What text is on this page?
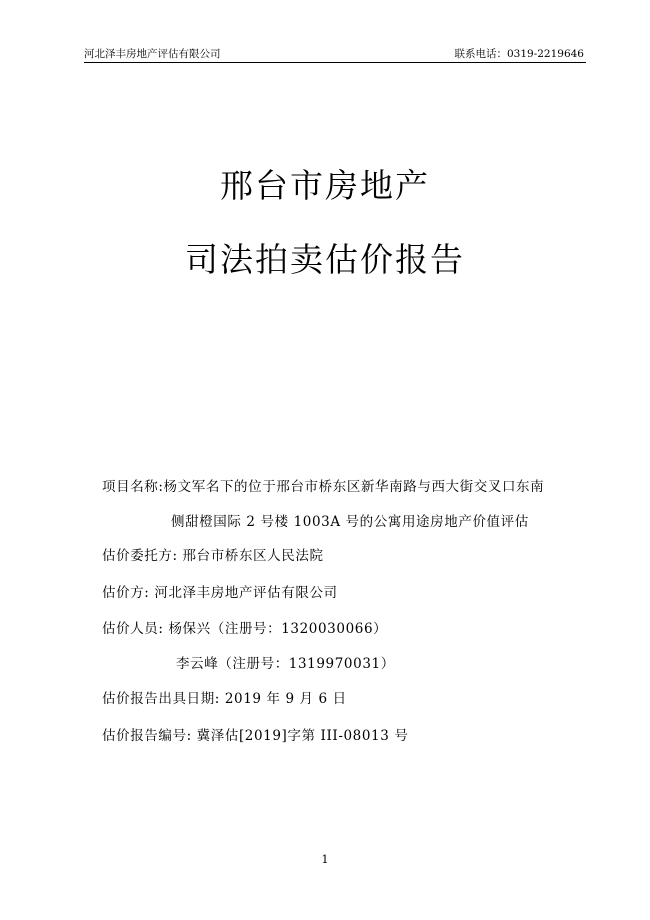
河北泽丰房地产评估有限公司	联系电话：0319-2219646
邢台市房地产
司法拍卖估价报告
项目名称:杨文军名下的位于邢台市桥东区新华南路与西大街交叉口东南
侧甜橙国际 2 号楼 1003A 号的公寓用途房地产价值评估
估价委托方: 邢台市桥东区人民法院
估价方: 河北泽丰房地产评估有限公司
估价人员: 杨保兴（注册号：1320030066）
李云峰（注册号：1319970031）
估价报告出具日期: 2019 年 9 月 6 日
估价报告编号: 冀泽估[2019]字第 III-08013 号
1
